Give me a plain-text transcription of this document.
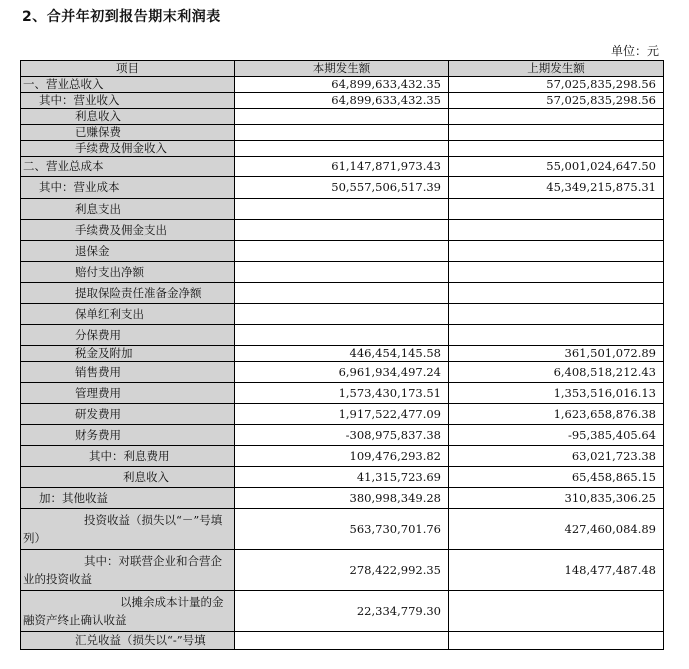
2、合并年初到报告期末利润表
单位：元
项目	本期发生额	上期发生额
一、营业总收入	64,899,633,432.35	57,025,835,298.56
其中：营业收入	64,899,633,432.35	57,025,835,298.56
利息收入		
已赚保费		
手续费及佣金收入		
二、营业总成本	61,147,871,973.43	55,001,024,647.50
其中：营业成本	50,557,506,517.39	45,349,215,875.31
利息支出		
手续费及佣金支出		
退保金		
赔付支出净额		
提取保险责任准备金净额		
保单红利支出		
分保费用		
税金及附加	446,454,145.58	361,501,072.89
销售费用	6,961,934,497.24	6,408,518,212.43
管理费用	1,573,430,173.51	1,353,516,016.13
研发费用	1,917,522,477.09	1,623,658,876.38
财务费用	-308,975,837.38	-95,385,405.64
其中：利息费用	109,476,293.82	63,021,723.38
利息收入	41,315,723.69	65,458,865.15
加：其他收益	380,998,349.28	310,835,306.25
投资收益（损失以“－”号填列）	563,730,701.76	427,460,084.89
其中：对联营企业和合营企业的投资收益	278,422,992.35	148,477,487.48
以摊余成本计量的金融资产终止确认收益	22,334,779.30	
汇兑收益（损失以“-”号填		
